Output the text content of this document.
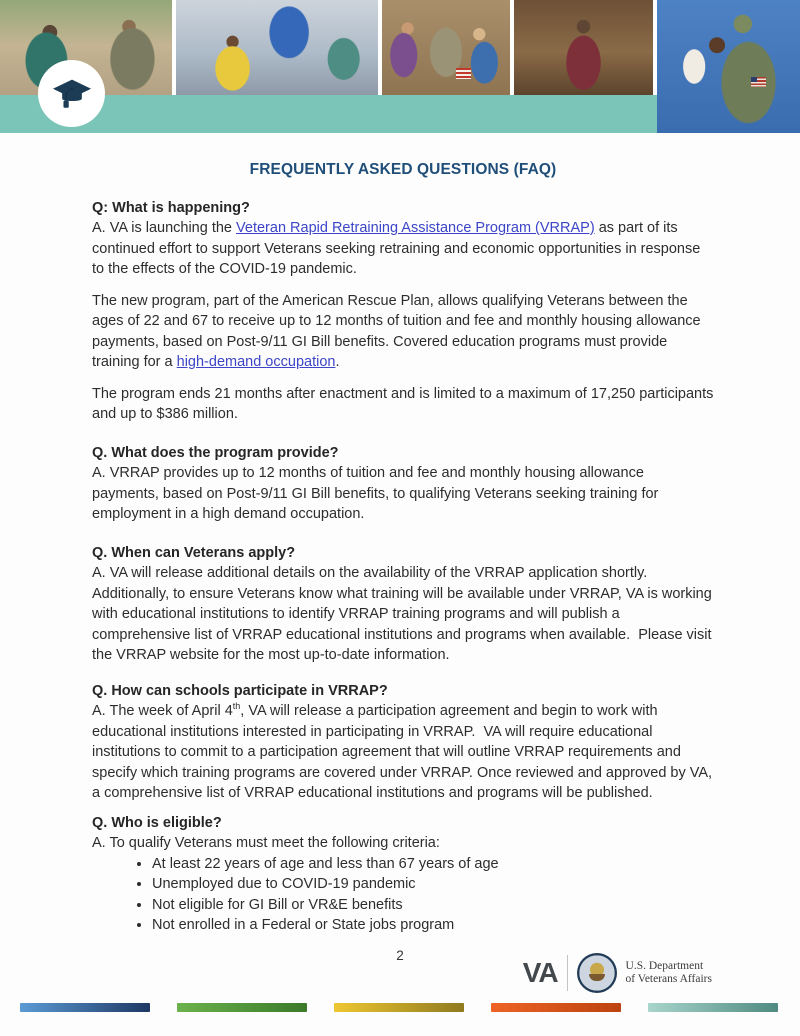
FREQUENTLY ASKED QUESTIONS (FAQ)
Q: What is happening?

A. VA is launching the Veteran Rapid Retraining Assistance Program (VRRAP) as part of its continued effort to support Veterans seeking retraining and economic opportunities in response to the effects of the COVID-19 pandemic.

The new program, part of the American Rescue Plan, allows qualifying Veterans between the ages of 22 and 67 to receive up to 12 months of tuition and fee and monthly housing allowance payments, based on Post-9/11 GI Bill benefits. Covered education programs must provide training for a high-demand occupation.

The program ends 21 months after enactment and is limited to a maximum of 17,250 participants and up to $386 million.

Q. What does the program provide?

A. VRRAP provides up to 12 months of tuition and fee and monthly housing allowance payments, based on Post-9/11 GI Bill benefits, to qualifying Veterans seeking training for employment in a high demand occupation.

Q. When can Veterans apply?

A. VA will release additional details on the availability of the VRRAP application shortly. Additionally, to ensure Veterans know what training will be available under VRRAP, VA is working with educational institutions to identify VRRAP training programs and will publish a comprehensive list of VRRAP educational institutions and programs when available.  Please visit the VRRAP website for the most up-to-date information.

Q. How can schools participate in VRRAP?

A. The week of April 4th, VA will release a participation agreement and begin to work with educational institutions interested in participating in VRRAP.  VA will require educational institutions to commit to a participation agreement that will outline VRRAP requirements and specify which training programs are covered under VRRAP. Once reviewed and approved by VA, a comprehensive list of VRRAP educational institutions and programs will be published.

Q. Who is eligible?

A. To qualify Veterans must meet the following criteria:

• At least 22 years of age and less than 67 years of age
• Unemployed due to COVID-19 pandemic
• Not eligible for GI Bill or VR&E benefits
• Not enrolled in a Federal or State jobs program
2
VA	U.S. Department
of Veterans Affairs
